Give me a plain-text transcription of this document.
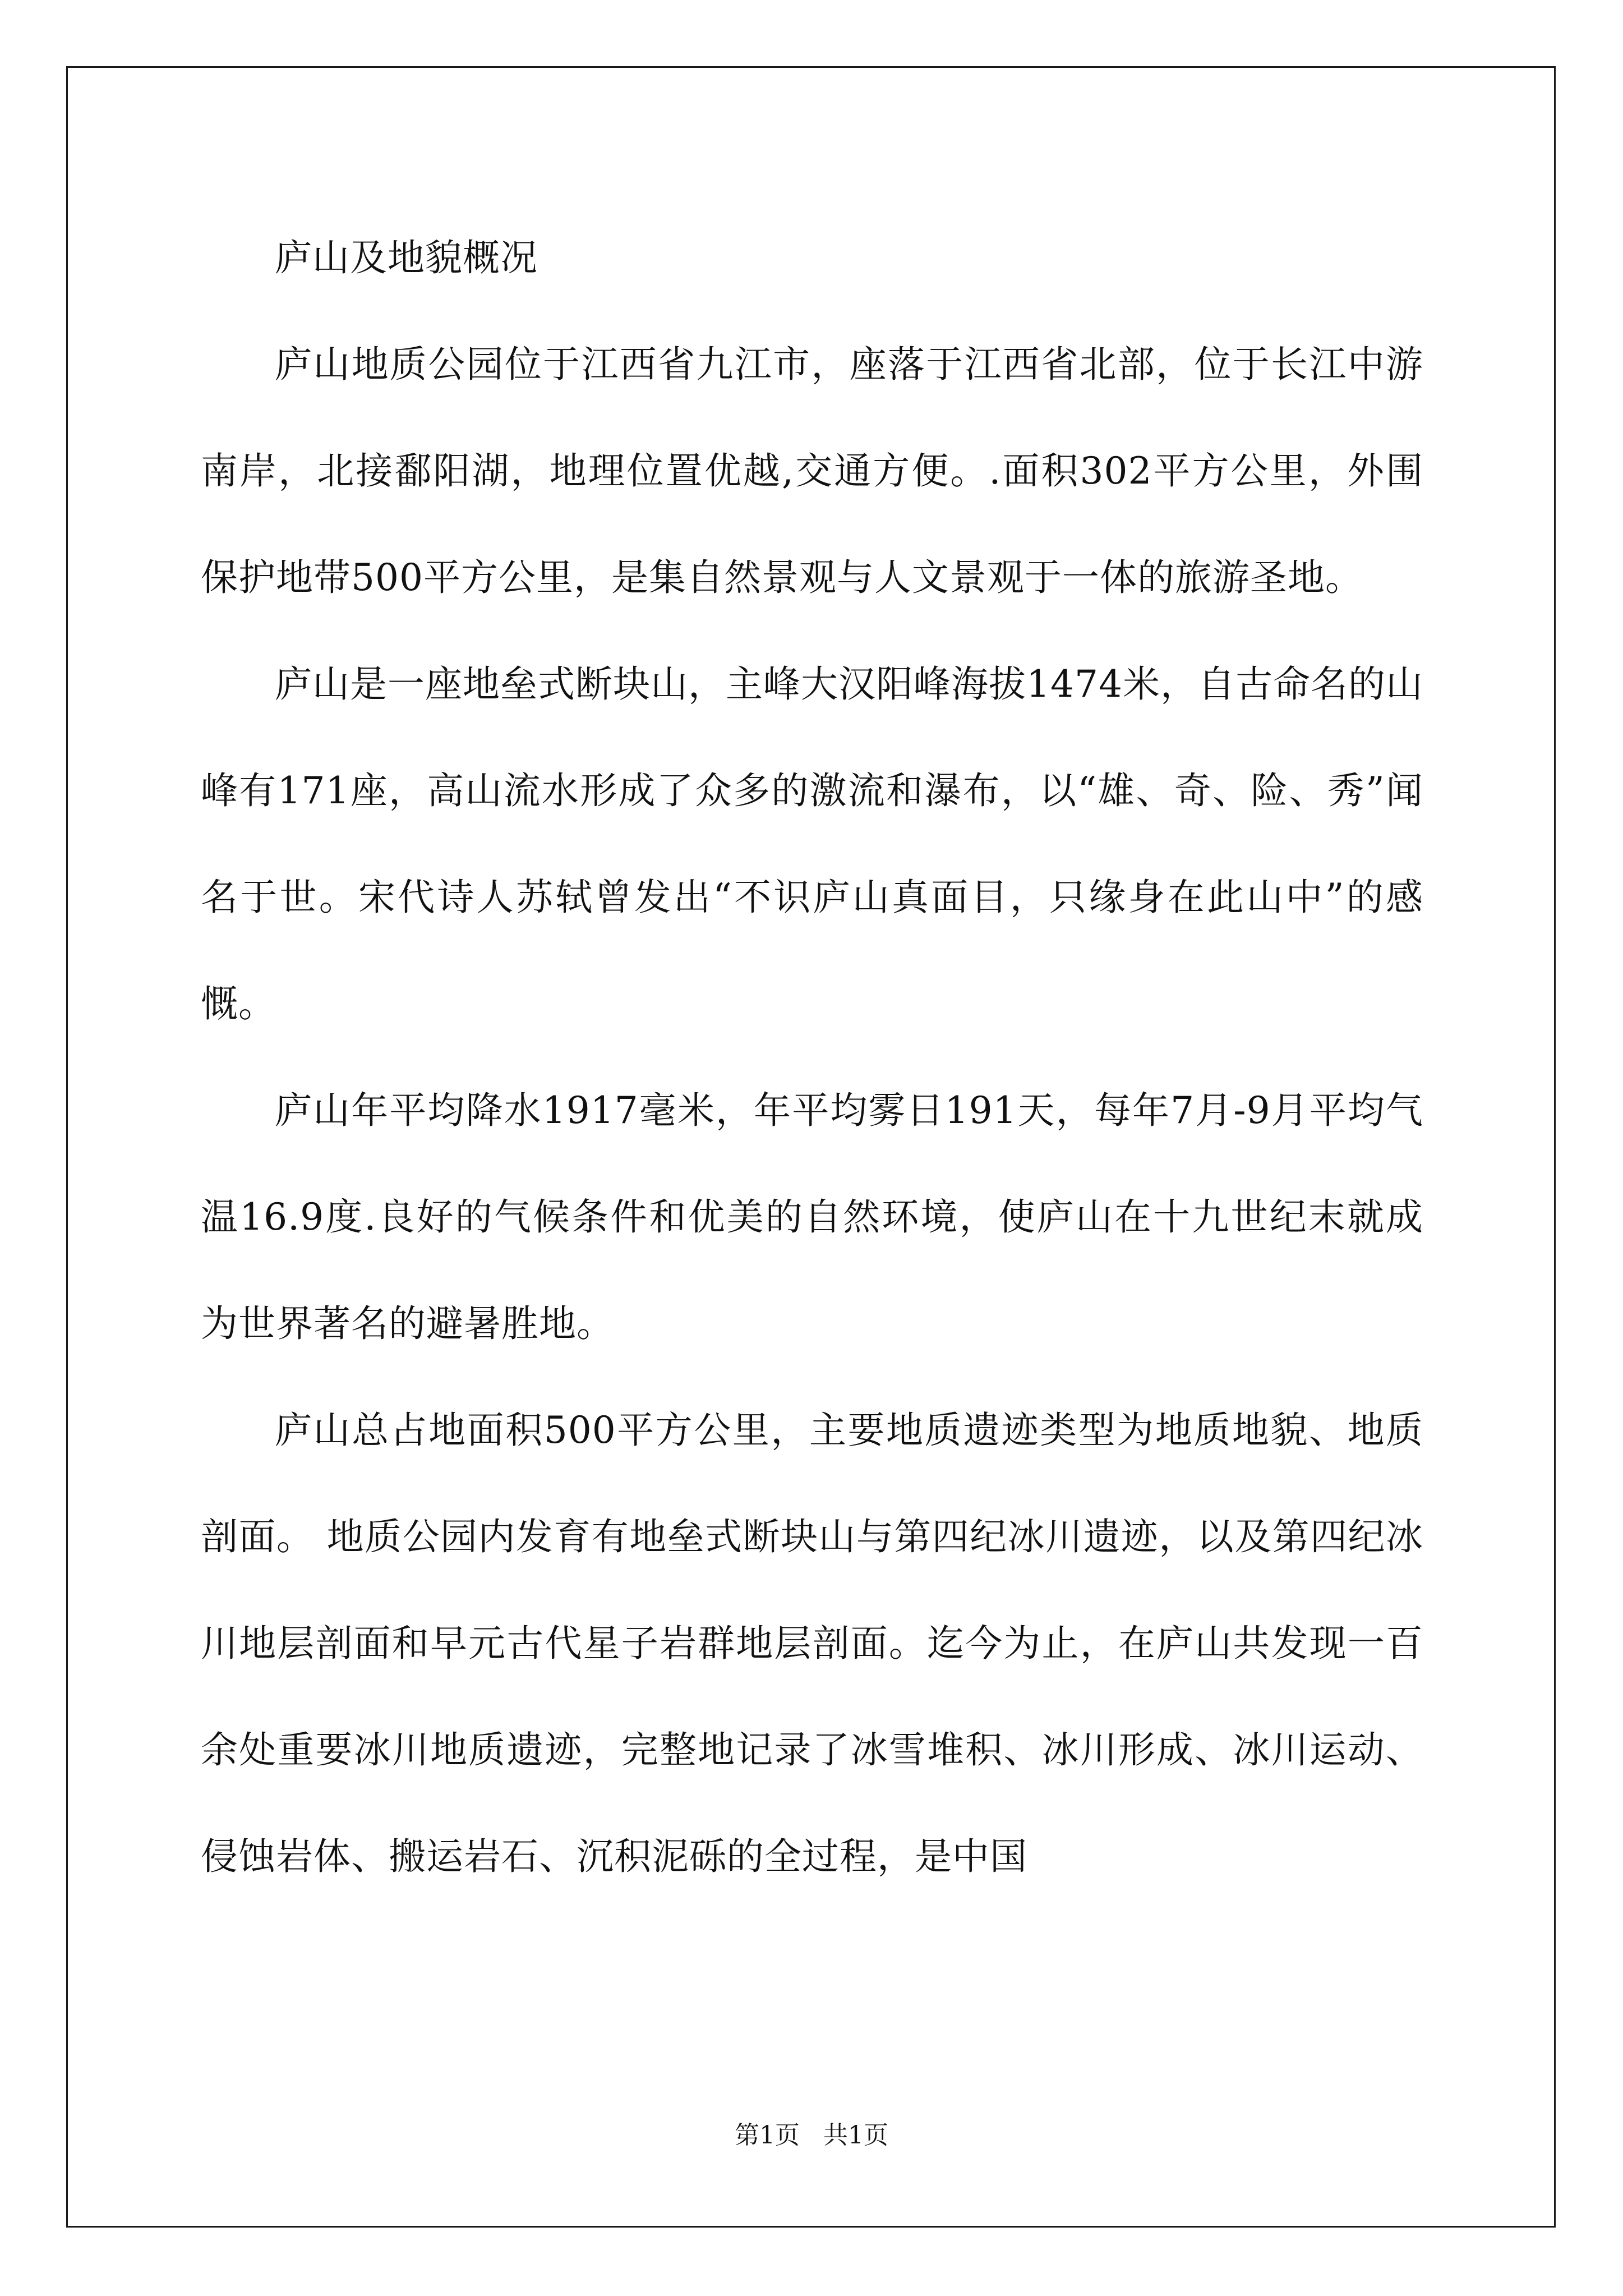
庐山及地貌概况

庐山地质公园位于江西省九江市，座落于江西省北部，位于长江中游南岸，北接鄱阳湖，地理位置优越,交通方便。.面积302平方公里，外围保护地带500平方公里，是集自然景观与人文景观于一体的旅游圣地。

庐山是一座地垒式断块山，主峰大汉阳峰海拔1474米，自古命名的山峰有171座，高山流水形成了众多的激流和瀑布，以“雄、奇、险、秀”闻名于世。宋代诗人苏轼曾发出“不识庐山真面目，只缘身在此山中”的感慨。

庐山年平均降水1917毫米，年平均雾日191天，每年7月-9月平均气温16.9度.良好的气候条件和优美的自然环境，使庐山在十九世纪末就成为世界著名的避暑胜地。

庐山总占地面积500平方公里，主要地质遗迹类型为地质地貌、地质剖面。 地质公园内发育有地垒式断块山与第四纪冰川遗迹，以及第四纪冰川地层剖面和早元古代星子岩群地层剖面。迄今为止，在庐山共发现一百余处重要冰川地质遗迹，完整地记录了冰雪堆积、冰川形成、冰川运动、侵蚀岩体、搬运岩石、沉积泥砾的全过程，是中国

第1页   共1页
